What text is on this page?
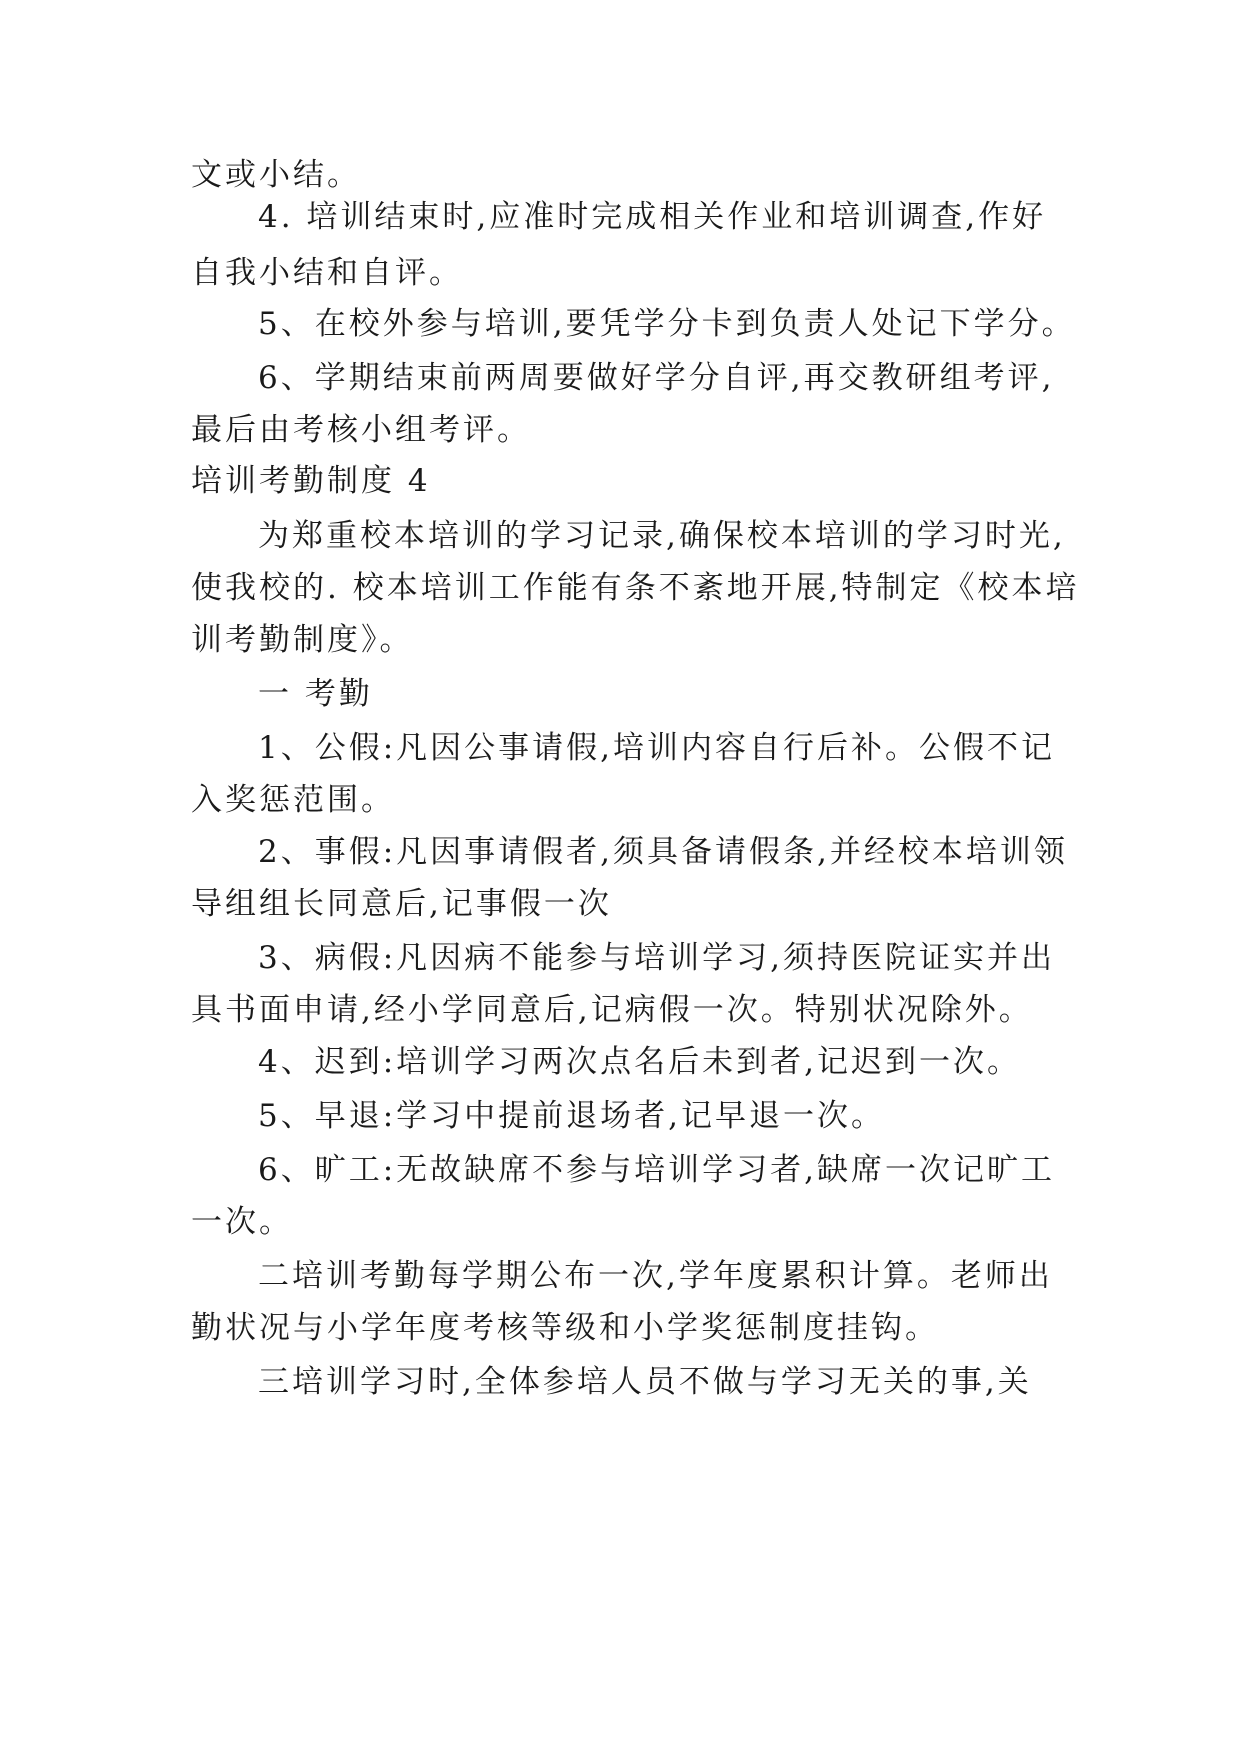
文或小结。
4. 培训结束时,应准时完成相关作业和培训调查,作好
自我小结和自评。
5、在校外参与培训,要凭学分卡到负责人处记下学分。
6、学期结束前两周要做好学分自评,再交教研组考评,
最后由考核小组考评。
培训考勤制度 4
为郑重校本培训的学习记录,确保校本培训的学习时光,
使我校的. 校本培训工作能有条不紊地开展,特制定《校本培
训考勤制度》。
一 考勤
1、公假:凡因公事请假,培训内容自行后补。公假不记
入奖惩范围。
2、事假:凡因事请假者,须具备请假条,并经校本培训领
导组组长同意后,记事假一次
3、病假:凡因病不能参与培训学习,须持医院证实并出
具书面申请,经小学同意后,记病假一次。特别状况除外。
4、迟到:培训学习两次点名后未到者,记迟到一次。
5、早退:学习中提前退场者,记早退一次。
6、旷工:无故缺席不参与培训学习者,缺席一次记旷工
一次。
二培训考勤每学期公布一次,学年度累积计算。老师出
勤状况与小学年度考核等级和小学奖惩制度挂钩。
三培训学习时,全体参培人员不做与学习无关的事,关
